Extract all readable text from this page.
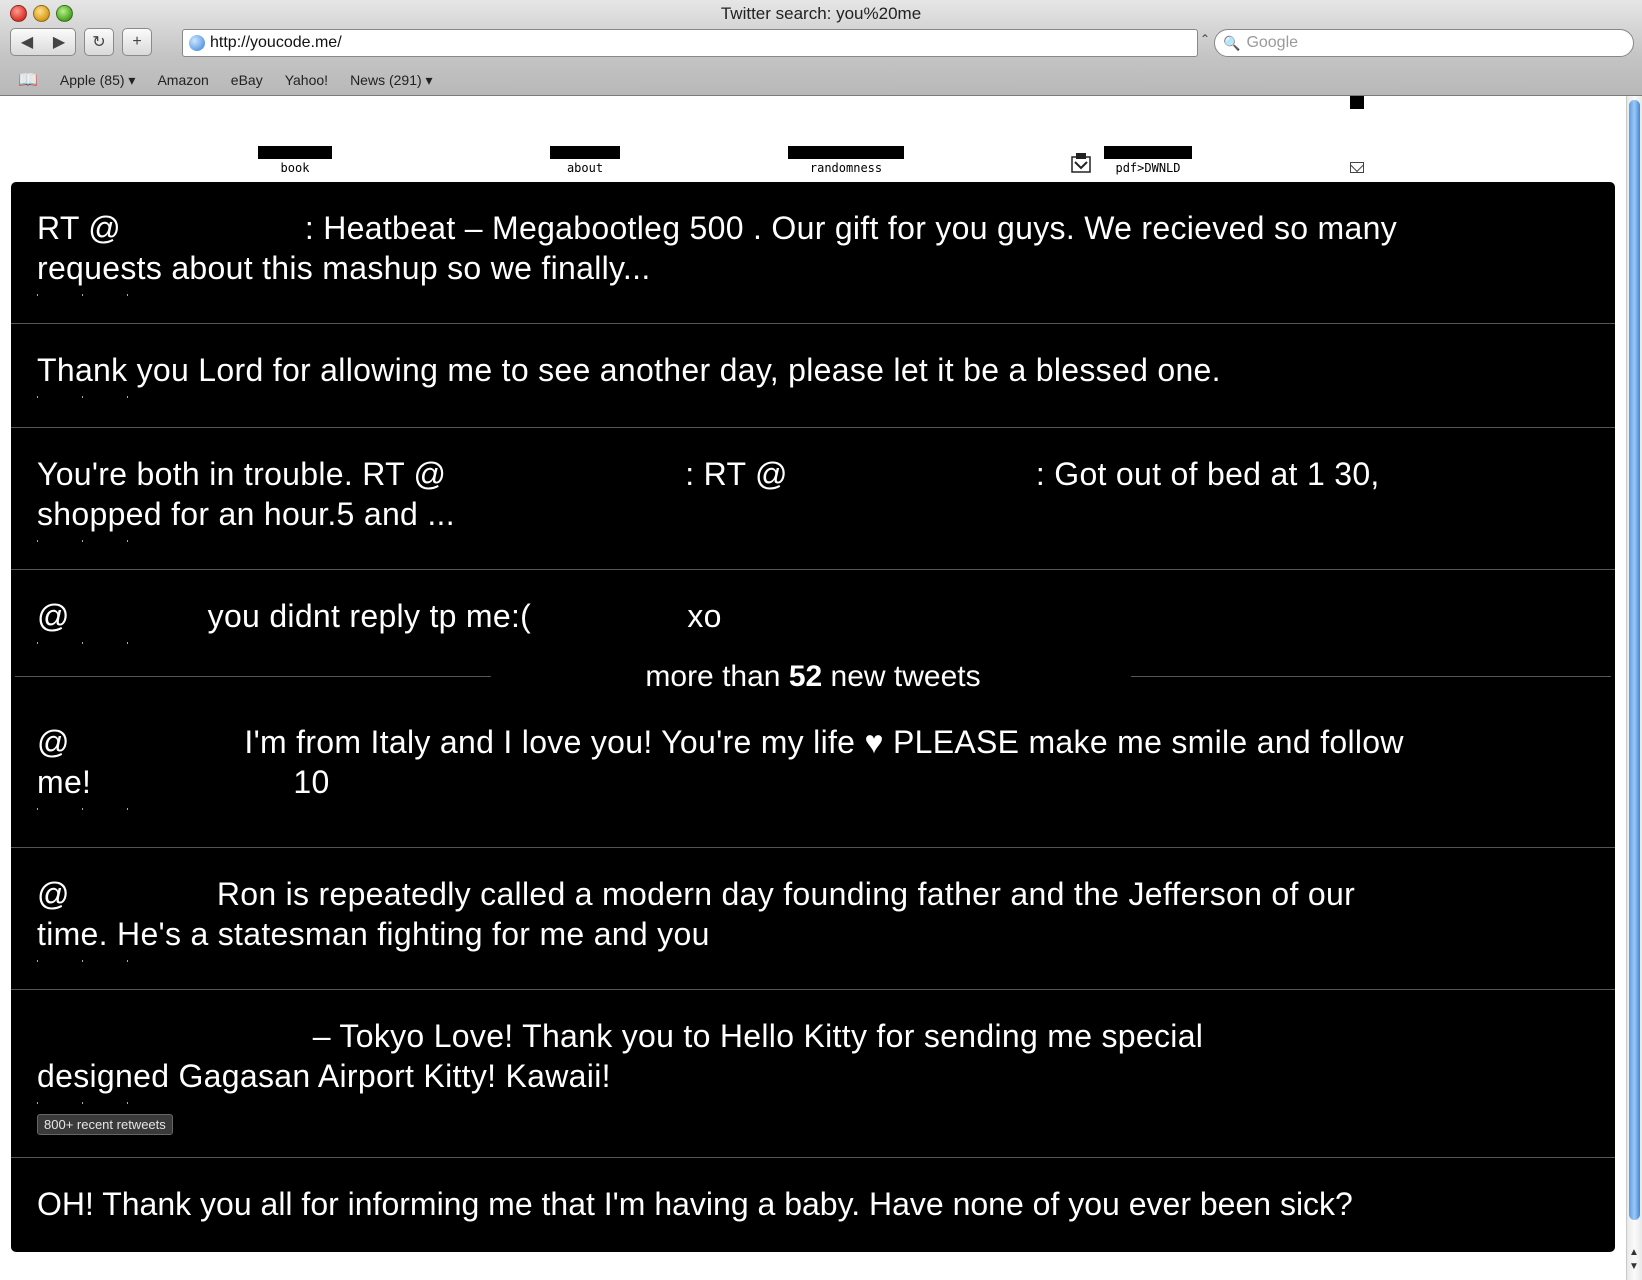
Twitter search: you%20me
◀ ▶ ↻ +	http://youcode.me/	⌃ 🔍 Google
📖 Apple (85) ▾ Amazon eBay Yahoo! News (291) ▾
book	about	randomness	pdf>DWNLD
RT @                    : Heatbeat – Megabootleg 500 . Our gift for you guys. We recieved so many
requests about this mashup so we finally...
Thank you Lord for allowing me to see another day, please let it be a blessed one.
You're both in trouble. RT @                          : RT @                           : Got out of bed at 1 30,
shopped for an hour.5 and ...
@               you didnt reply tp me:(                 xo
more than 52 new tweets
@                   I'm from Italy and I love you! You're my life ♥ PLEASE make me smile and follow
me!                      10
@                Ron is repeatedly called a modern day founding father and the Jefferson of our
time. He's a statesman fighting for me and you
– Tokyo Love! Thank you to Hello Kitty for sending me special
designed Gagasan Airport Kitty! Kawaii!
800+ recent retweets
OH! Thank you all for informing me that I'm having a baby. Have none of you ever been sick?
▲
▼
